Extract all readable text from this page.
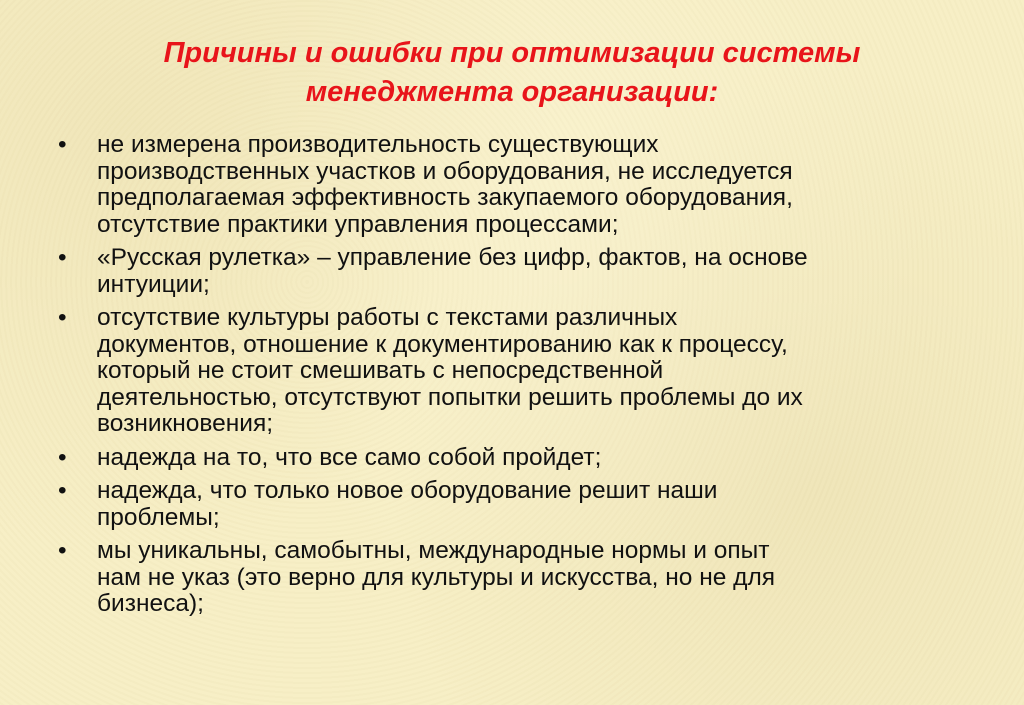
Причины и ошибки при оптимизации системы
менеджмента организации:
•	не измерена производительность существующих
производственных участков и оборудования, не исследуется
предполагаемая эффективность закупаемого оборудования,
отсутствие практики управления процессами;
•	«Русская рулетка» – управление без цифр, фактов, на основе
интуиции;
•	отсутствие культуры работы с текстами различных
документов, отношение к документированию как к процессу,
который не стоит смешивать с непосредственной
деятельностью, отсутствуют попытки решить проблемы до их
возникновения;
•	надежда на то, что все само собой пройдет;
•	надежда, что только новое оборудование решит наши
проблемы;
•	мы уникальны, самобытны, международные нормы и опыт
нам не указ (это верно для культуры и искусства, но не для
бизнеса);
